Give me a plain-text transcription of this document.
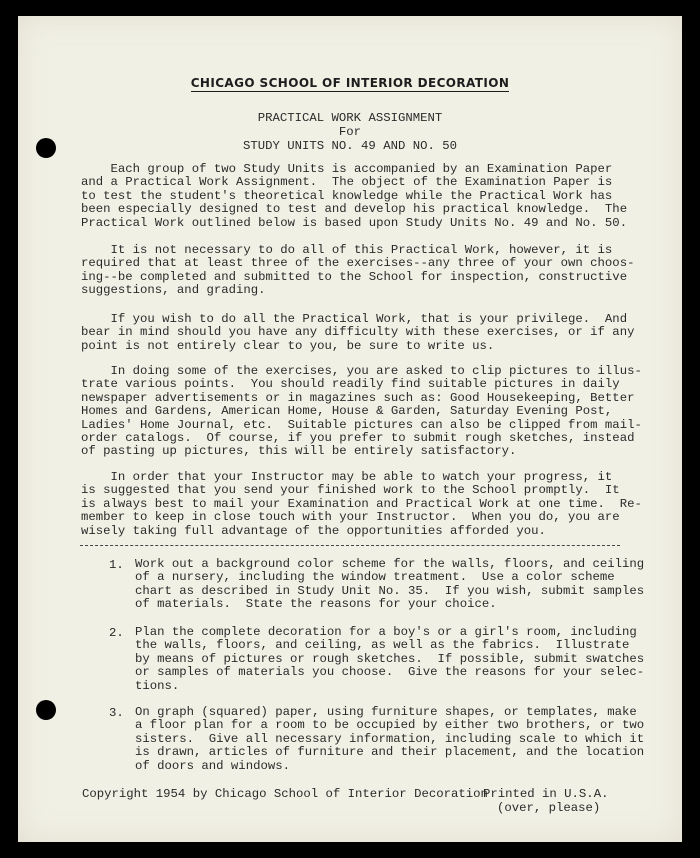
CHICAGO SCHOOL OF INTERIOR DECORATION
PRACTICAL WORK ASSIGNMENT
For
STUDY UNITS NO. 49 AND NO. 50
Each group of two Study Units is accompanied by an Examination Paper
and a Practical Work Assignment.  The object of the Examination Paper is
to test the student's theoretical knowledge while the Practical Work has
been especially designed to test and develop his practical knowledge.  The
Practical Work outlined below is based upon Study Units No. 49 and No. 50.
It is not necessary to do all of this Practical Work, however, it is
required that at least three of the exercises--any three of your own choos-
ing--be completed and submitted to the School for inspection, constructive
suggestions, and grading.
If you wish to do all the Practical Work, that is your privilege.  And
bear in mind should you have any difficulty with these exercises, or if any
point is not entirely clear to you, be sure to write us.
In doing some of the exercises, you are asked to clip pictures to illus-
trate various points.  You should readily find suitable pictures in daily
newspaper advertisements or in magazines such as: Good Housekeeping, Better
Homes and Gardens, American Home, House & Garden, Saturday Evening Post,
Ladies' Home Journal, etc.  Suitable pictures can also be clipped from mail-
order catalogs.  Of course, if you prefer to submit rough sketches, instead
of pasting up pictures, this will be entirely satisfactory.
In order that your Instructor may be able to watch your progress, it
is suggested that you send your finished work to the School promptly.  It
is always best to mail your Examination and Practical Work at one time.  Re-
member to keep in close touch with your Instructor.  When you do, you are
wisely taking full advantage of the opportunities afforded you.
1. Work out a background color scheme for the walls, floors, and ceiling
of a nursery, including the window treatment.  Use a color scheme
chart as described in Study Unit No. 35.  If you wish, submit samples
of materials.  State the reasons for your choice.
2. Plan the complete decoration for a boy's or a girl's room, including
the walls, floors, and ceiling, as well as the fabrics.  Illustrate
by means of pictures or rough sketches.  If possible, submit swatches
or samples of materials you choose.  Give the reasons for your selec-
tions.
3. On graph (squared) paper, using furniture shapes, or templates, make
a floor plan for a room to be occupied by either two brothers, or two
sisters.  Give all necessary information, including scale to which it
is drawn, articles of furniture and their placement, and the location
of doors and windows.
Copyright 1954 by Chicago School of Interior Decoration
Printed in U.S.A.
(over, please)
